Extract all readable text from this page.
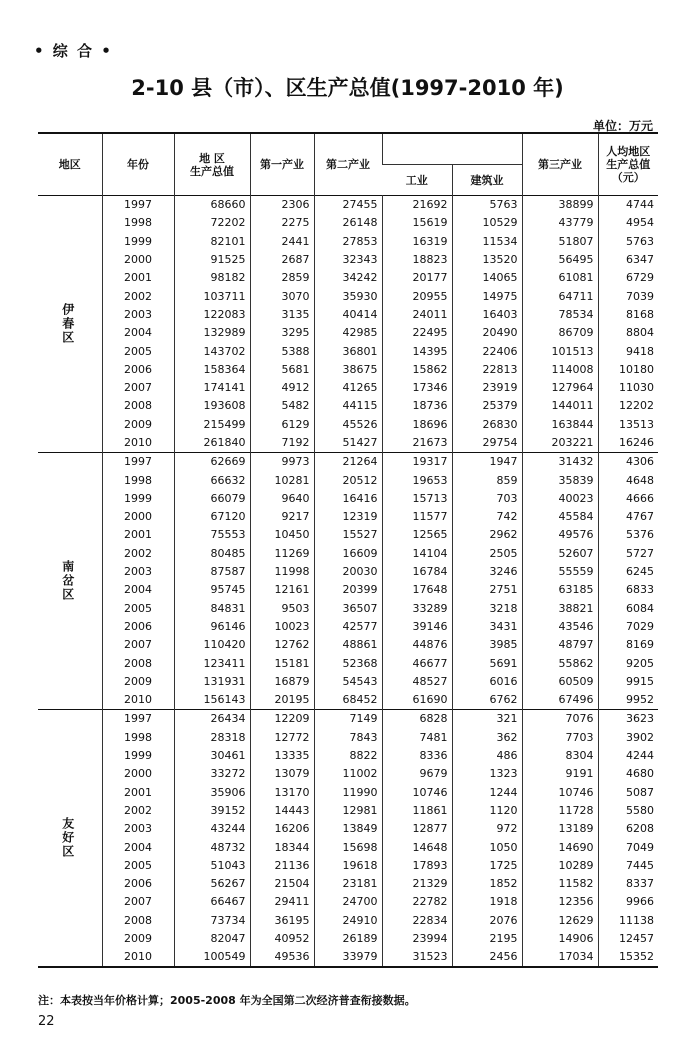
• 综 合 •
2-10 县（市）、区生产总值(1997-2010 年)
单位：万元
地区	年份	地 区
生产总值	第一产业	第二产业			第三产业	人均地区
生产总值
（元）
					工业	建筑业		
伊春区	1997	68660	2306	27455	21692	5763	38899	4744
	1998	72202	2275	26148	15619	10529	43779	4954
	1999	82101	2441	27853	16319	11534	51807	5763
	2000	91525	2687	32343	18823	13520	56495	6347
	2001	98182	2859	34242	20177	14065	61081	6729
	2002	103711	3070	35930	20955	14975	64711	7039
	2003	122083	3135	40414	24011	16403	78534	8168
	2004	132989	3295	42985	22495	20490	86709	8804
	2005	143702	5388	36801	14395	22406	101513	9418
	2006	158364	5681	38675	15862	22813	114008	10180
	2007	174141	4912	41265	17346	23919	127964	11030
	2008	193608	5482	44115	18736	25379	144011	12202
	2009	215499	6129	45526	18696	26830	163844	13513
	2010	261840	7192	51427	21673	29754	203221	16246
南岔区	1997	62669	9973	21264	19317	1947	31432	4306
	1998	66632	10281	20512	19653	859	35839	4648
	1999	66079	9640	16416	15713	703	40023	4666
	2000	67120	9217	12319	11577	742	45584	4767
	2001	75553	10450	15527	12565	2962	49576	5376
	2002	80485	11269	16609	14104	2505	52607	5727
	2003	87587	11998	20030	16784	3246	55559	6245
	2004	95745	12161	20399	17648	2751	63185	6833
	2005	84831	9503	36507	33289	3218	38821	6084
	2006	96146	10023	42577	39146	3431	43546	7029
	2007	110420	12762	48861	44876	3985	48797	8169
	2008	123411	15181	52368	46677	5691	55862	9205
	2009	131931	16879	54543	48527	6016	60509	9915
	2010	156143	20195	68452	61690	6762	67496	9952
友好区	1997	26434	12209	7149	6828	321	7076	3623
	1998	28318	12772	7843	7481	362	7703	3902
	1999	30461	13335	8822	8336	486	8304	4244
	2000	33272	13079	11002	9679	1323	9191	4680
	2001	35906	13170	11990	10746	1244	10746	5087
	2002	39152	14443	12981	11861	1120	11728	5580
	2003	43244	16206	13849	12877	972	13189	6208
	2004	48732	18344	15698	14648	1050	14690	7049
	2005	51043	21136	19618	17893	1725	10289	7445
	2006	56267	21504	23181	21329	1852	11582	8337
	2007	66467	29411	24700	22782	1918	12356	9966
	2008	73734	36195	24910	22834	2076	12629	11138
	2009	82047	40952	26189	23994	2195	14906	12457
	2010	100549	49536	33979	31523	2456	17034	15352
注：本表按当年价格计算；2005-2008 年为全国第二次经济普查衔接数据。
22
